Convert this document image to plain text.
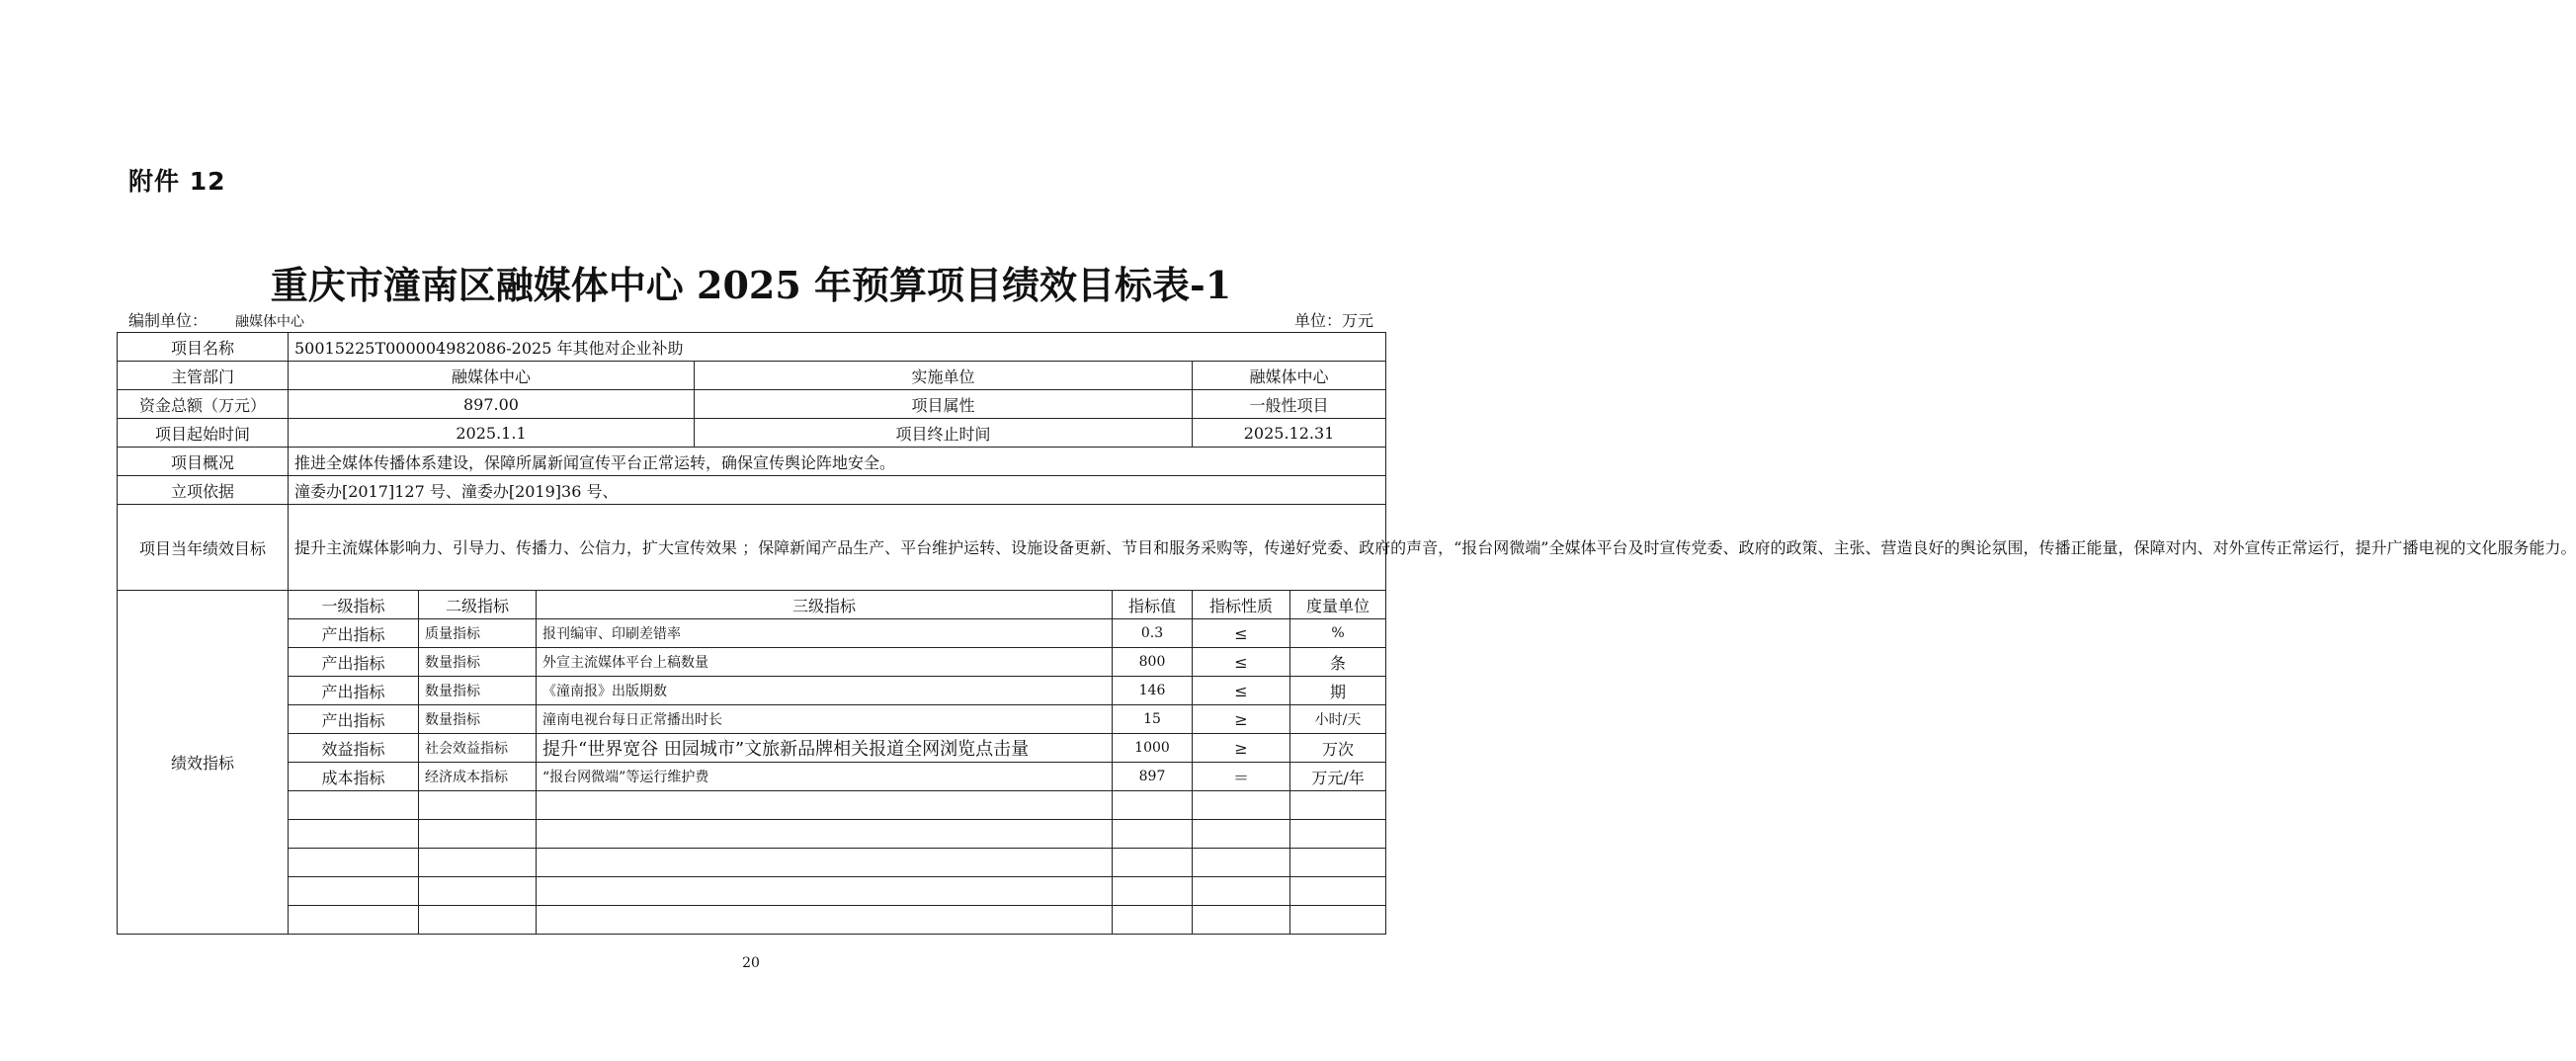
附件 12
重庆市潼南区融媒体中心 2025 年预算项目绩效目标表-1
编制单位： 融媒体中心	单位：万元
项目名称	50015225T000004982086-2025 年其他对企业补助						
主管部门	融媒体中心			实施单位		融媒体中心	
资金总额（万元）	897.00			项目属性		一般性项目	
项目起始时间	2025.1.1			项目终止时间		2025.12.31	
项目概况	推进全媒体传播体系建设，保障所属新闻宣传平台正常运转，确保宣传舆论阵地安全。						
立项依据	潼委办[2017]127 号、潼委办[2019]36 号、						
项目当年绩效目标	提升主流媒体影响力、引导力、传播力、公信力，扩大宣传效果 ；保障新闻产品生产、平台维护运转、设施设备更新、节目和服务采购等，传递好党委、政府的声音，“报台网微端”全媒体平台及时宣传党委、政府的政策、主张、营造良好的舆论氛围，传播正能量，保障对内、对外宣传正常运行，提升广播电视的文化服务能力。						
绩效指标	一级指标	二级指标	三级指标		指标值	指标性质	度量单位
	产出指标	质量指标	报刊编审、印刷差错率		0.3	≤	%
	产出指标	数量指标	外宣主流媒体平台上稿数量		800	≤	条
	产出指标	数量指标	《潼南报》出版期数		146	≤	期
	产出指标	数量指标	潼南电视台每日正常播出时长		15	≥	小时/天
	效益指标	社会效益指标	提升“世界宽谷 田园城市”文旅新品牌相关报道全网浏览点击量		1000	≥	万次
	成本指标	经济成本指标	“报台网微端”等运行维护费		897	＝	万元/年

20
